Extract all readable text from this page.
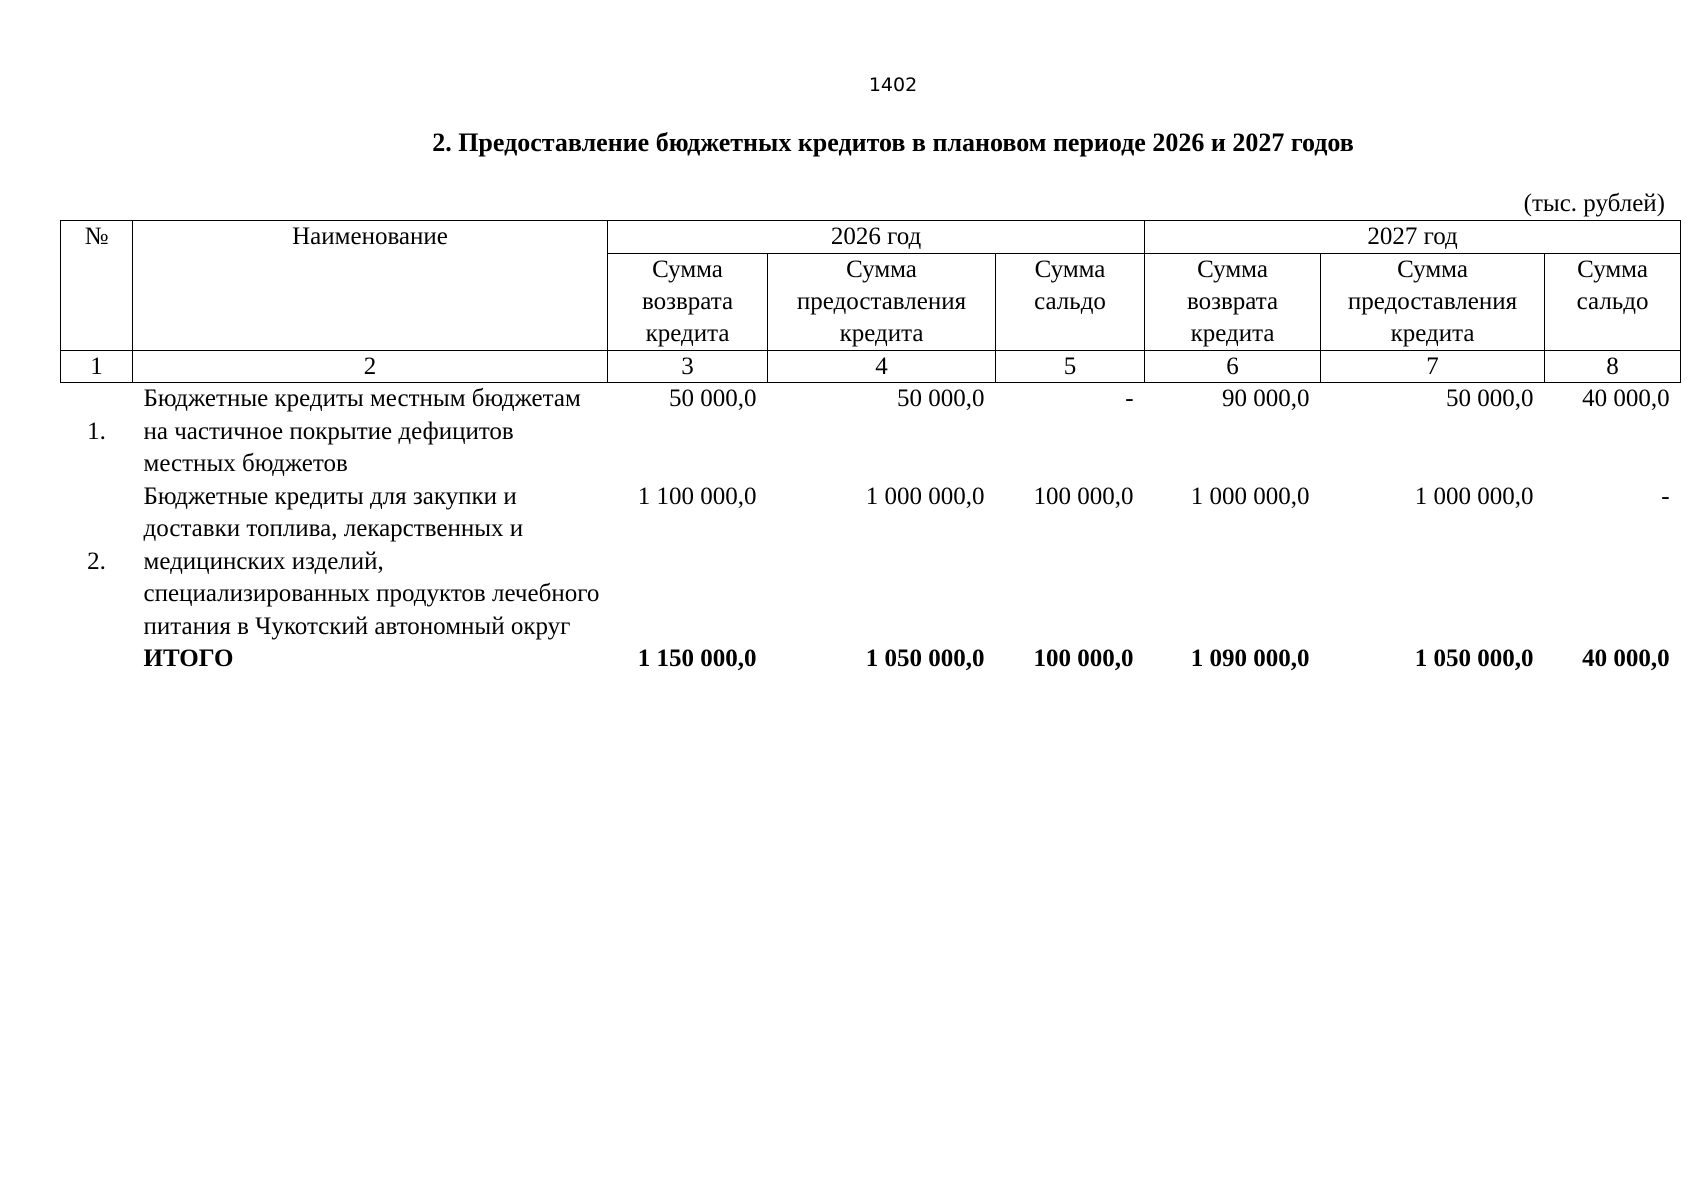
1402
2. Предоставление бюджетных кредитов в плановом периоде 2026 и 2027 годов
(тыс. рублей)
№	Наименование	2026 год			2027 год		
		Сумма
возврата
кредита	Сумма
предоставления
кредита	Сумма
сальдо	Сумма
возврата
кредита	Сумма
предоставления
кредита	Сумма
сальдо
1	2	3	4	5	6	7	8
1.	Бюджетные кредиты местным бюджетам на частичное покрытие дефицитов местных бюджетов	50 000,0	50 000,0	-	90 000,0	50 000,0	40 000,0
2.	Бюджетные кредиты для закупки и доставки топлива, лекарственных и медицинских изделий, специализированных продуктов лечебного питания в Чукотский автономный округ	1 100 000,0	1 000 000,0	100 000,0	1 000 000,0	1 000 000,0	-
	ИТОГО	1 150 000,0	1 050 000,0	100 000,0	1 090 000,0	1 050 000,0	40 000,0
